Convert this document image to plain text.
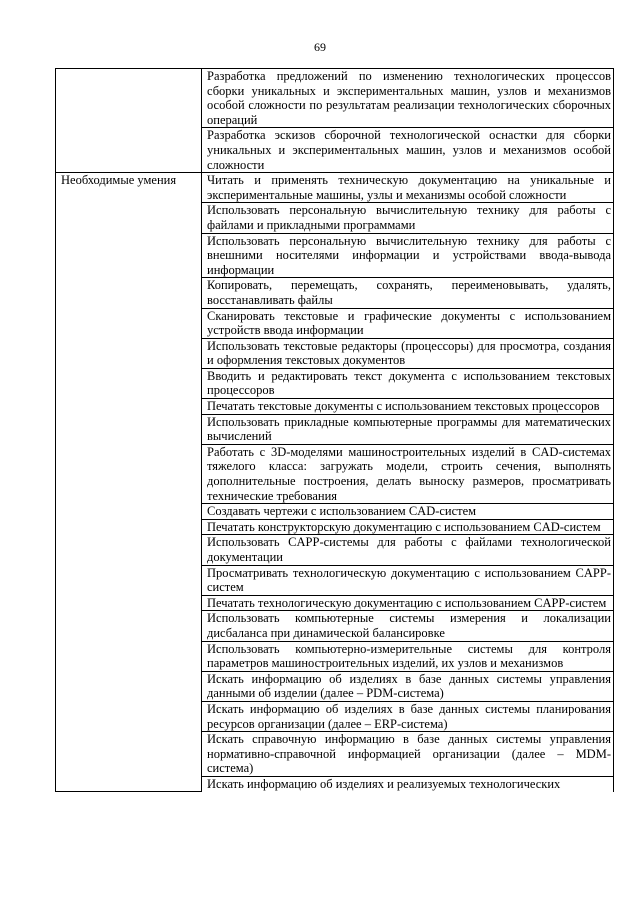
69
	Разработка предложений по изменению технологических процессов сборки уникальных и экспериментальных машин, узлов и механизмов особой сложности по результатам реализации технологических сборочных операций
	Разработка эскизов сборочной технологической оснастки для сборки уникальных и экспериментальных машин, узлов и механизмов особой сложности
Необходимые умения	Читать и применять техническую документацию на уникальные и экспериментальные машины, узлы и механизмы особой сложности
	Использовать персональную вычислительную технику для работы с файлами и прикладными программами
	Использовать персональную вычислительную технику для работы с внешними носителями информации и устройствами ввода-вывода информации
	Копировать, перемещать, сохранять, переименовывать, удалять, восстанавливать файлы
	Сканировать текстовые и графические документы с использованием устройств ввода информации
	Использовать текстовые редакторы (процессоры) для просмотра, создания и оформления текстовых документов
	Вводить и редактировать текст документа с использованием текстовых процессоров
	Печатать текстовые документы с использованием текстовых процессоров
	Использовать прикладные компьютерные программы для математических вычислений
	Работать с 3D-моделями машиностроительных изделий в CAD-системах тяжелого класса: загружать модели, строить сечения, выполнять дополнительные построения, делать выноску размеров, просматривать технические требования
	Создавать чертежи с использованием CAD-систем
	Печатать конструкторскую документацию с использованием CAD-систем
	Использовать CAPP-системы для работы с файлами технологической документации
	Просматривать технологическую документацию с использованием CAPP-систем
	Печатать технологическую документацию с использованием CAPP-систем
	Использовать компьютерные системы измерения и локализации дисбаланса при динамической балансировке
	Использовать компьютерно-измерительные системы для контроля параметров машиностроительных изделий, их узлов и механизмов
	Искать информацию об изделиях в базе данных системы управления данными об изделии (далее – PDM-система)
	Искать информацию об изделиях в базе данных системы планирования ресурсов организации (далее – ERP-система)
	Искать справочную информацию в базе данных системы управления нормативно-справочной информацией организации (далее – MDM-система)
	Искать информацию об изделиях и реализуемых технологических
